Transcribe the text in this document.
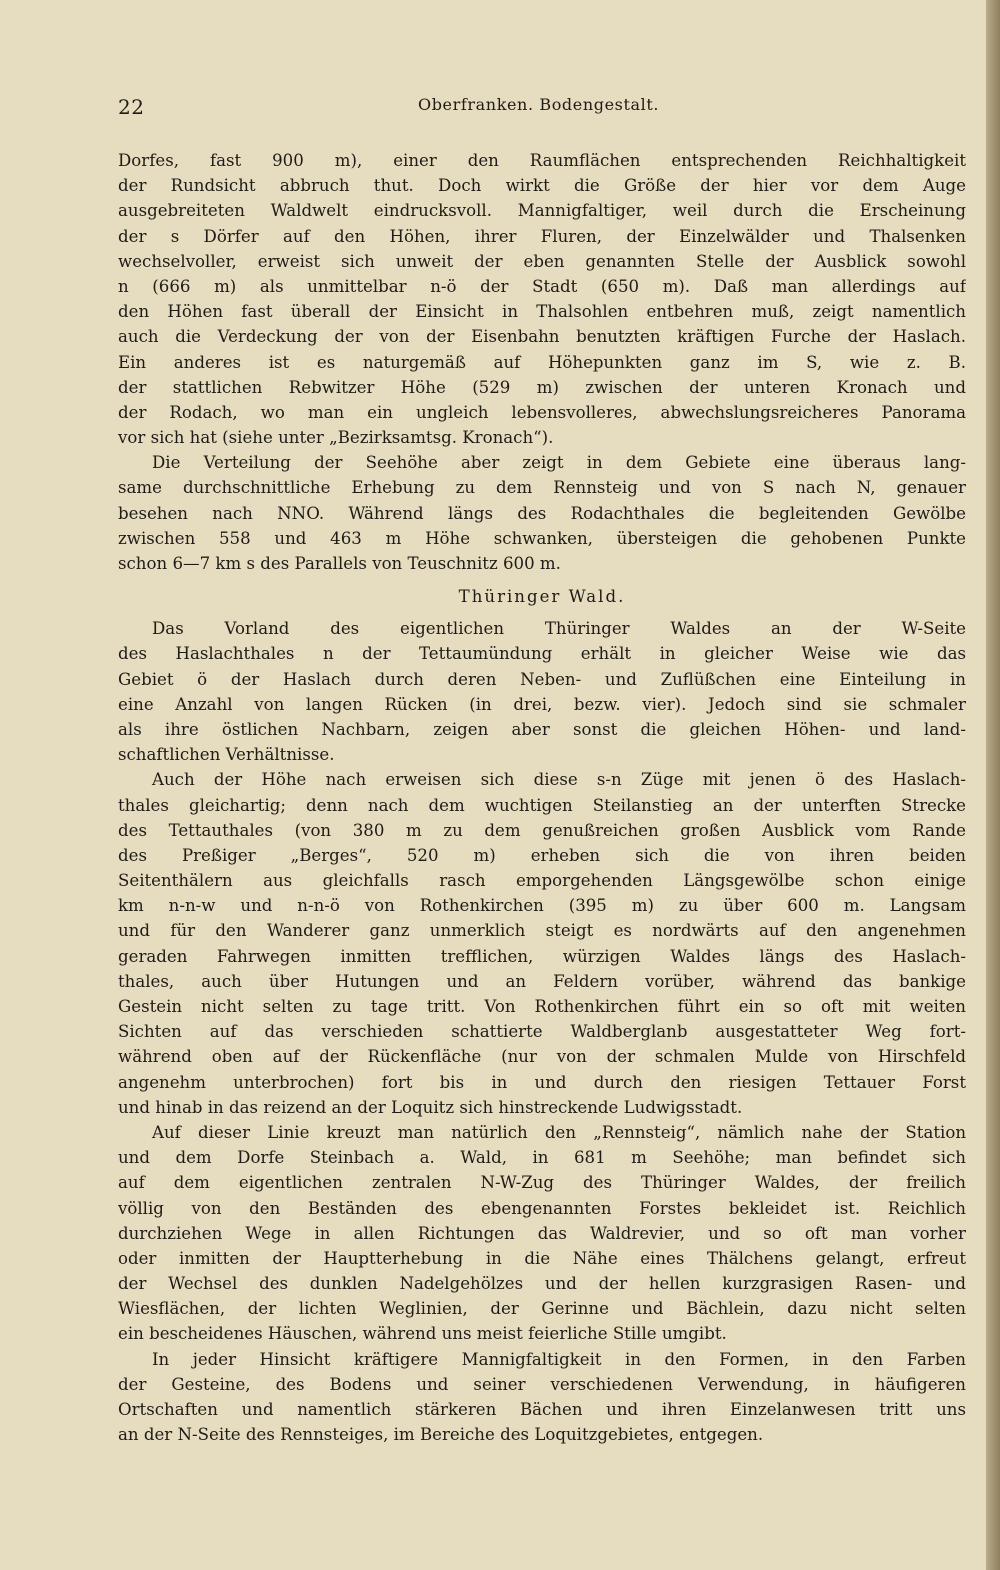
22	Oberfranken. Bodengestalt.
Dorfes, fast 900 m), einer den Raumflächen entsprechenden Reichhaltigkeit
der Rundsicht abbruch thut. Doch wirkt die Größe der hier vor dem Auge
ausgebreiteten Waldwelt eindrucksvoll. Mannigfaltiger, weil durch die Erscheinung
der s Dörfer auf den Höhen, ihrer Fluren, der Einzelwälder und Thalsenken
wechselvoller, erweist sich unweit der eben genannten Stelle der Ausblick sowohl
n (666 m) als unmittelbar n-ö der Stadt (650 m). Daß man allerdings auf
den Höhen fast überall der Einsicht in Thalsohlen entbehren muß, zeigt namentlich
auch die Verdeckung der von der Eisenbahn benutzten kräftigen Furche der Haslach.
Ein anderes ist es naturgemäß auf Höhepunkten ganz im S, wie z. B.
der stattlichen Rebwitzer Höhe (529 m) zwischen der unteren Kronach und
der Rodach, wo man ein ungleich lebensvolleres, abwechslungsreicheres Panorama
vor sich hat (siehe unter „Bezirksamtsg. Kronach“).
Die Verteilung der Seehöhe aber zeigt in dem Gebiete eine überaus lang-
same durchschnittliche Erhebung zu dem Rennsteig und von S nach N, genauer
besehen nach NNO. Während längs des Rodachthales die begleitenden Gewölbe
zwischen 558 und 463 m Höhe schwanken, übersteigen die gehobenen Punkte
schon 6—7 km s des Parallels von Teuschnitz 600 m.
Thüringer Wald.
Das Vorland des eigentlichen Thüringer Waldes an der W-Seite
des Haslachthales n der Tettaumündung erhält in gleicher Weise wie das
Gebiet ö der Haslach durch deren Neben- und Zuflüßchen eine Einteilung in
eine Anzahl von langen Rücken (in drei, bezw. vier). Jedoch sind sie schmaler
als ihre östlichen Nachbarn, zeigen aber sonst die gleichen Höhen- und land-
schaftlichen Verhältnisse.
Auch der Höhe nach erweisen sich diese s-n Züge mit jenen ö des Haslach-
thales gleichartig; denn nach dem wuchtigen Steilanstieg an der unterften Strecke
des Tettauthales (von 380 m zu dem genußreichen großen Ausblick vom Rande
des Preßiger „Berges“, 520 m) erheben sich die von ihren beiden
Seitenthälern aus gleichfalls rasch emporgehenden Längsgewölbe schon einige
km n-n-w und n-n-ö von Rothenkirchen (395 m) zu über 600 m. Langsam
und für den Wanderer ganz unmerklich steigt es nordwärts auf den angenehmen
geraden Fahrwegen inmitten trefflichen, würzigen Waldes längs des Haslach-
thales, auch über Hutungen und an Feldern vorüber, während das bankige
Gestein nicht selten zu tage tritt. Von Rothenkirchen führt ein so oft mit weiten
Sichten auf das verschieden schattierte Waldberglanb ausgestatteter Weg fort-
während oben auf der Rückenfläche (nur von der schmalen Mulde von Hirschfeld
angenehm unterbrochen) fort bis in und durch den riesigen Tettauer Forst
und hinab in das reizend an der Loquitz sich hinstreckende Ludwigsstadt.
Auf dieser Linie kreuzt man natürlich den „Rennsteig“, nämlich nahe der Station
und dem Dorfe Steinbach a. Wald, in 681 m Seehöhe; man befindet sich
auf dem eigentlichen zentralen N-W-Zug des Thüringer Waldes, der freilich
völlig von den Beständen des ebengenannten Forstes bekleidet ist. Reichlich
durchziehen Wege in allen Richtungen das Waldrevier, und so oft man vorher
oder inmitten der Hauptterhebung in die Nähe eines Thälchens gelangt, erfreut
der Wechsel des dunklen Nadelgehölzes und der hellen kurzgrasigen Rasen- und
Wiesflächen, der lichten Weglinien, der Gerinne und Bächlein, dazu nicht selten
ein bescheidenes Häuschen, während uns meist feierliche Stille umgibt.
In jeder Hinsicht kräftigere Mannigfaltigkeit in den Formen, in den Farben
der Gesteine, des Bodens und seiner verschiedenen Verwendung, in häufigeren
Ortschaften und namentlich stärkeren Bächen und ihren Einzelanwesen tritt uns
an der N-Seite des Rennsteiges, im Bereiche des Loquitzgebietes, entgegen.
